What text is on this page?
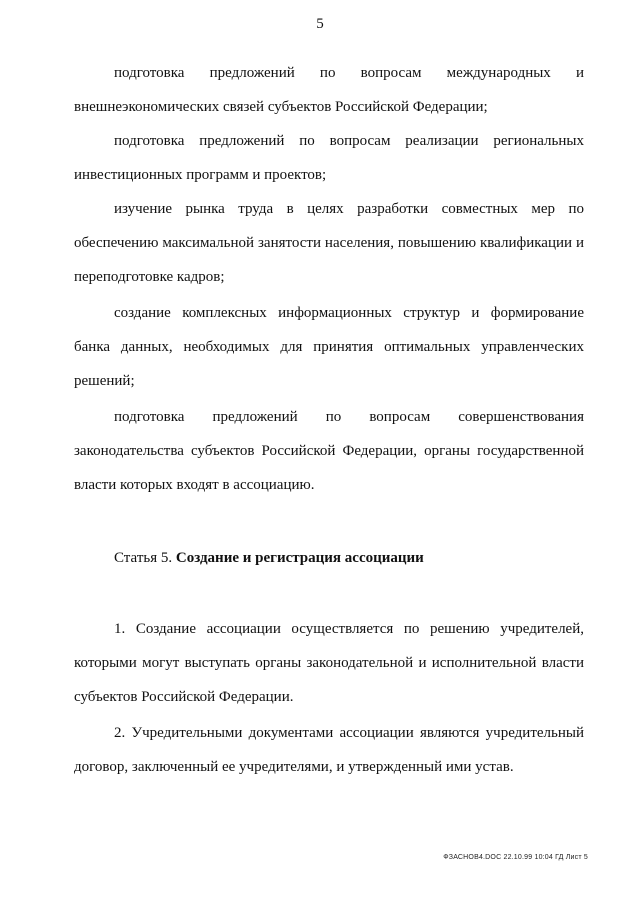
5

подготовка предложений по вопросам международных и внешнеэкономических связей субъектов Российской Федерации;

подготовка предложений по вопросам реализации региональных инвестиционных программ и проектов;

изучение рынка труда в целях разработки совместных мер по обеспечению максимальной занятости населения, повышению квалификации и переподготовке кадров;

создание комплексных информационных структур и формирование банка данных, необходимых для принятия оптимальных управленческих решений;

подготовка предложений по вопросам совершенствования законодательства субъектов Российской Федерации, органы государственной власти которых входят в ассоциацию.

Статья 5. Создание и регистрация ассоциации

1. Создание ассоциации осуществляется по решению учредителей, которыми могут выступать органы законодательной и исполнительной власти субъектов Российской Федерации.

2. Учредительными документами ассоциации являются учредительный договор, заключенный ее учредителями, и утвержденный ими устав.

ФЗАСНОВ4.DOC 22.10.99 10:04 ГД Лист 5
